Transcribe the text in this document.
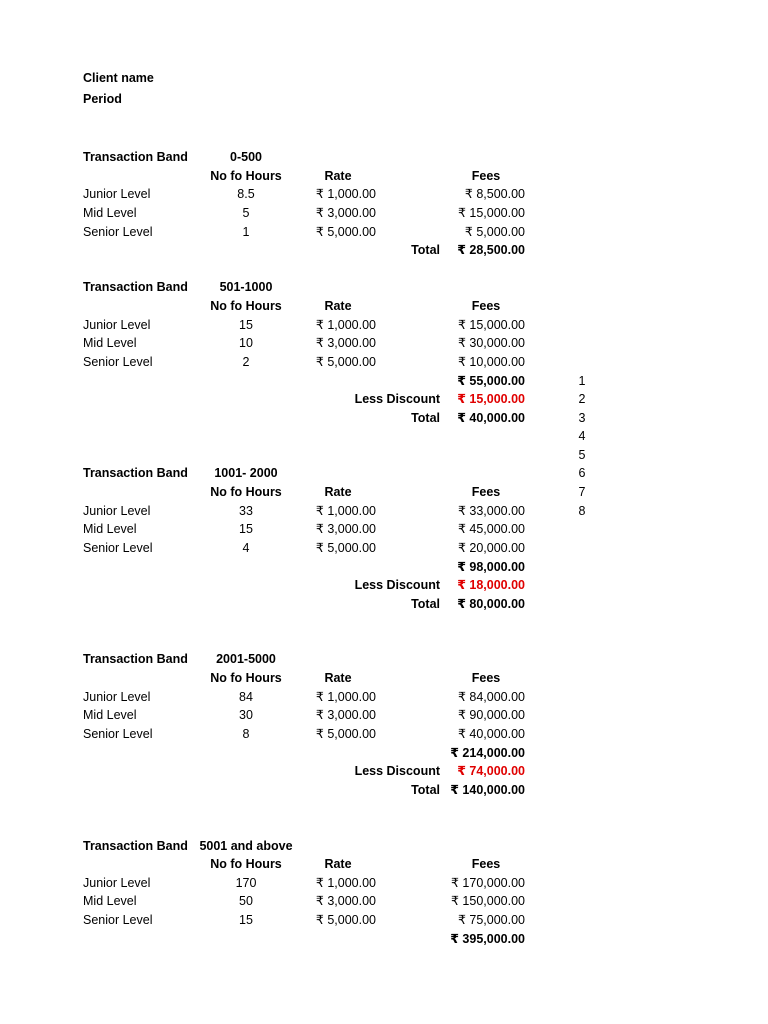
Client name
Period
Transaction Band	0-500
No fo Hours	Rate	Fees
Junior Level	8.5	₹ 1,000.00	₹ 8,500.00
Mid Level	5	₹ 3,000.00	₹ 15,000.00
Senior Level	1	₹ 5,000.00	₹ 5,000.00
Total	₹ 28,500.00
Transaction Band	501-1000
No fo Hours	Rate	Fees
Junior Level	15	₹ 1,000.00	₹ 15,000.00
Mid Level	10	₹ 3,000.00	₹ 30,000.00
Senior Level	2	₹ 5,000.00	₹ 10,000.00
₹ 55,000.00
Less Discount	₹ 15,000.00
Total	₹ 40,000.00
1
2
3
4
5
6
7
8
Transaction Band	1001- 2000
No fo Hours	Rate	Fees
Junior Level	33	₹ 1,000.00	₹ 33,000.00
Mid Level	15	₹ 3,000.00	₹ 45,000.00
Senior Level	4	₹ 5,000.00	₹ 20,000.00
₹ 98,000.00
Less Discount	₹ 18,000.00
Total	₹ 80,000.00
Transaction Band	2001-5000
No fo Hours	Rate	Fees
Junior Level	84	₹ 1,000.00	₹ 84,000.00
Mid Level	30	₹ 3,000.00	₹ 90,000.00
Senior Level	8	₹ 5,000.00	₹ 40,000.00
₹ 214,000.00
Less Discount	₹ 74,000.00
Total ₹ 140,000.00
Transaction Band 5001 and above
No fo Hours	Rate	Fees
Junior Level	170	₹ 1,000.00	₹ 170,000.00
Mid Level	50	₹ 3,000.00	₹ 150,000.00
Senior Level	15	₹ 5,000.00	₹ 75,000.00
₹ 395,000.00
